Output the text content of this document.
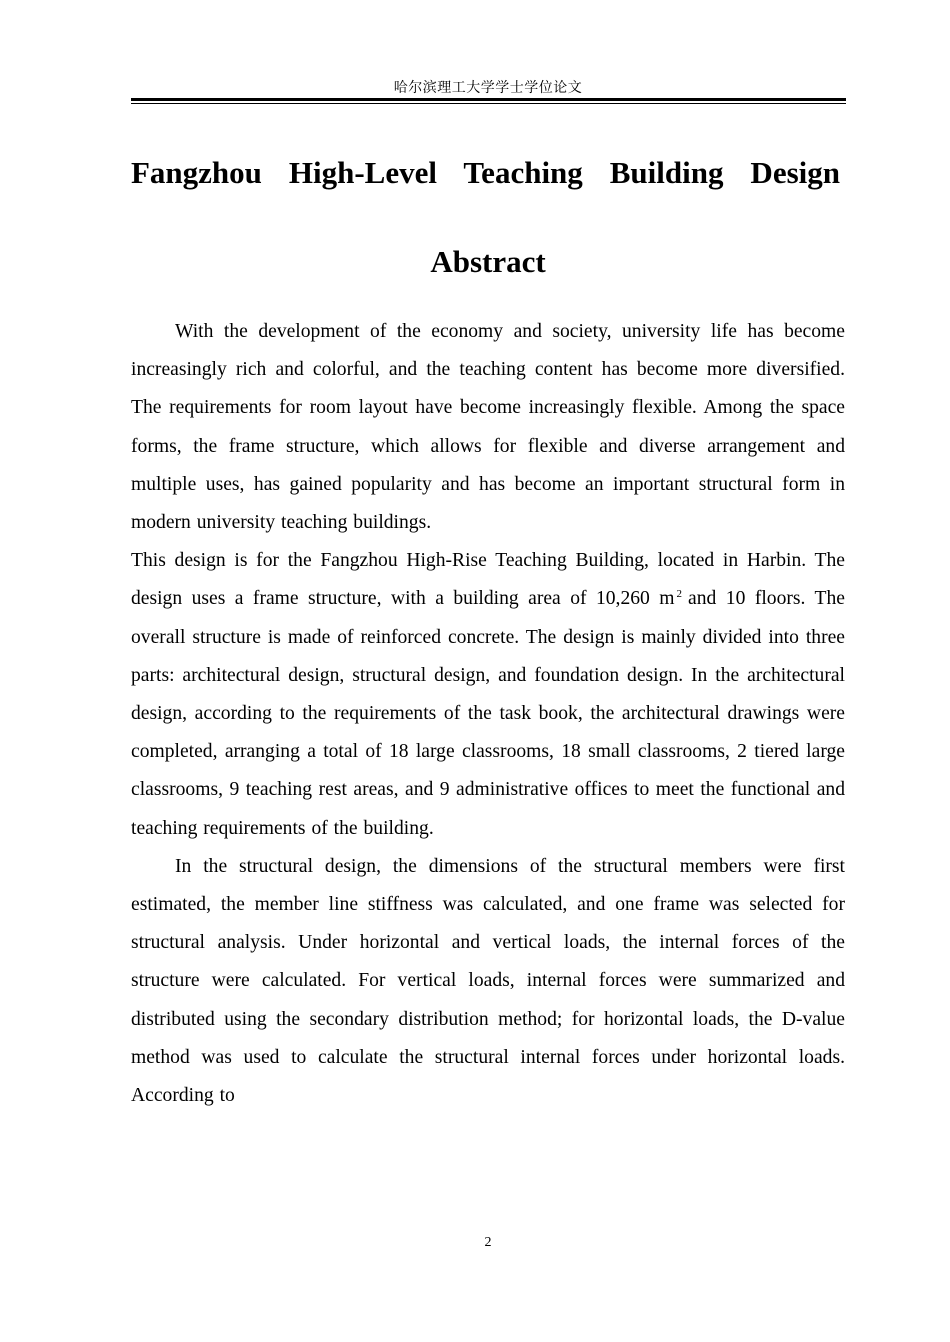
哈尔滨理工大学学士学位论文
Fangzhou High-Level Teaching Building Design
Abstract

With the development of the economy and society, university life has become increasingly rich and colorful, and the teaching content has become more diversified. The requirements for room layout have become increasingly flexible. Among the space forms, the frame structure, which allows for flexible and diverse arrangement and multiple uses, has gained popularity and has become an important structural form in modern university teaching buildings.

This design is for the Fangzhou High-Rise Teaching Building, located in Harbin. The design uses a frame structure, with a building area of 10,260 m $^2$ and 10 floors. The overall structure is made of reinforced concrete. The design is mainly divided into three parts: architectural design, structural design, and foundation design. In the architectural design, according to the requirements of the task book, the architectural drawings were completed, arranging a total of 18 large classrooms, 18 small classrooms, 2 tiered large classrooms, 9 teaching rest areas, and 9 administrative offices to meet the functional and teaching requirements of the building.

In the structural design, the dimensions of the structural members were first estimated, the member line stiffness was calculated, and one frame was selected for structural analysis. Under horizontal and vertical loads, the internal forces of the structure were calculated. For vertical loads, internal forces were summarized and distributed using the secondary distribution method; for horizontal loads, the D-value method was used to calculate the structural internal forces under horizontal loads. According to

2
